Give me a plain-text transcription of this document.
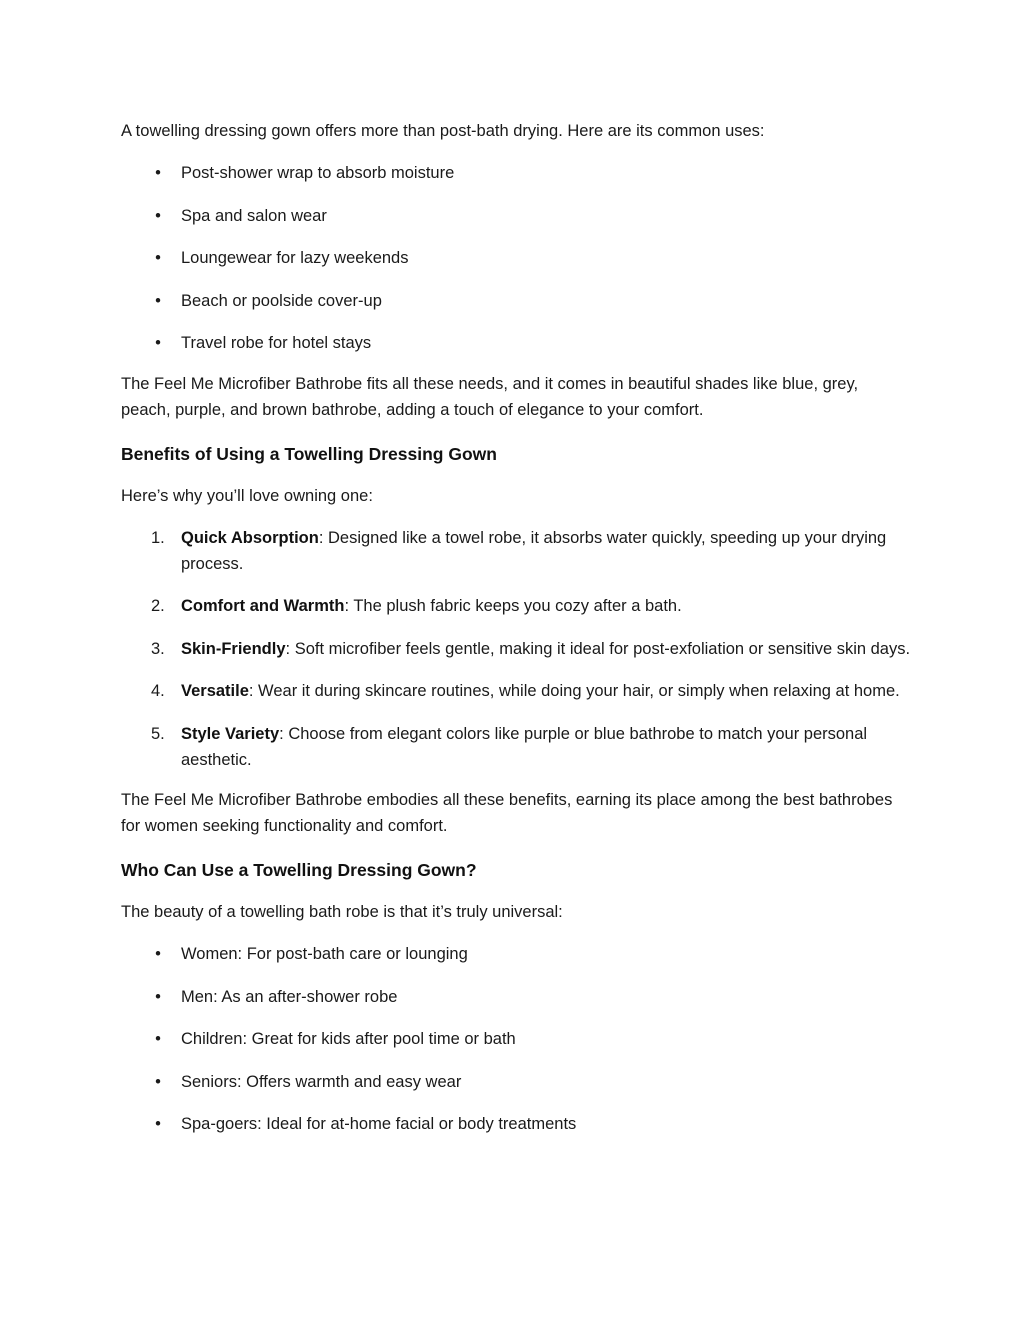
A towelling dressing gown offers more than post-bath drying. Here are its common uses:

• Post-shower wrap to absorb moisture
• Spa and salon wear
• Loungewear for lazy weekends
• Beach or poolside cover-up
• Travel robe for hotel stays

The Feel Me Microfiber Bathrobe fits all these needs, and it comes in beautiful shades like blue, grey, peach, purple, and brown bathrobe, adding a touch of elegance to your comfort.

Benefits of Using a Towelling Dressing Gown

Here’s why you’ll love owning one:

1. Quick Absorption: Designed like a towel robe, it absorbs water quickly, speeding up your drying process.
2. Comfort and Warmth: The plush fabric keeps you cozy after a bath.
3. Skin-Friendly: Soft microfiber feels gentle, making it ideal for post-exfoliation or sensitive skin days.
4. Versatile: Wear it during skincare routines, while doing your hair, or simply when relaxing at home.
5. Style Variety: Choose from elegant colors like purple or blue bathrobe to match your personal aesthetic.

The Feel Me Microfiber Bathrobe embodies all these benefits, earning its place among the best bathrobes for women seeking functionality and comfort.

Who Can Use a Towelling Dressing Gown?

The beauty of a towelling bath robe is that it’s truly universal:

• Women: For post-bath care or lounging
• Men: As an after-shower robe
• Children: Great for kids after pool time or bath
• Seniors: Offers warmth and easy wear
• Spa-goers: Ideal for at-home facial or body treatments
